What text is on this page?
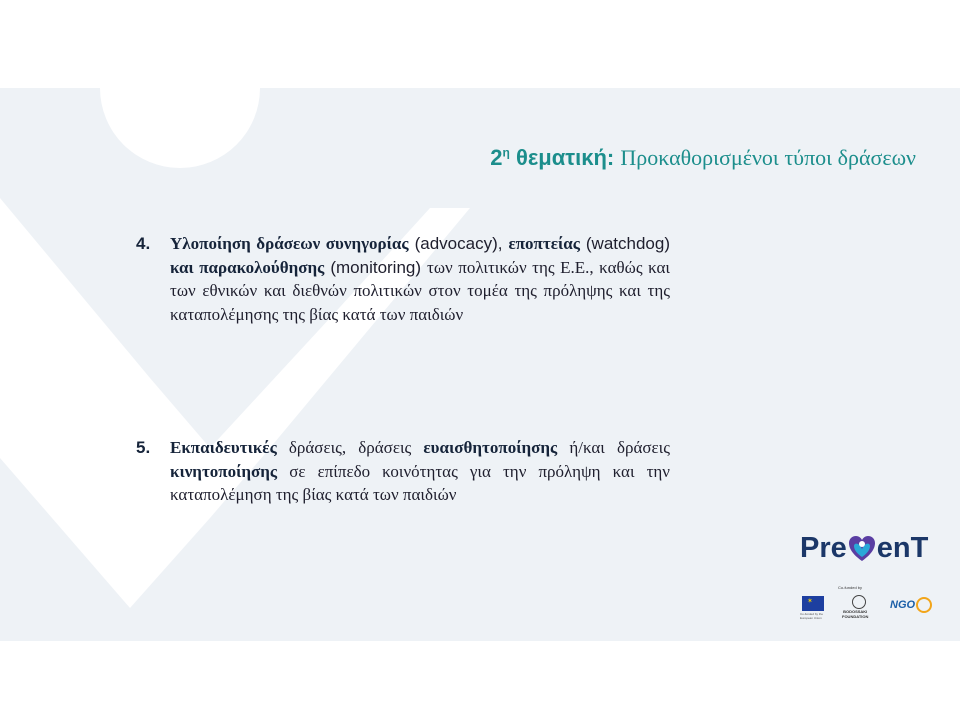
$2^\eta$ θεματική: Προκαθορισμένοι τύποι δράσεων
4. Υλοποίηση δράσεων συνηγορίας (advocacy), εποπτείας (watchdog) και παρακολούθησης (monitoring) των πολιτικών της Ε.Ε., καθώς και των εθνικών και διεθνών πολιτικών στον τομέα της πρόληψης και της καταπολέμησης της βίας κατά των παιδιών
5. Εκπαιδευτικές δράσεις, δράσεις ευαισθητοποίησης ή/και δράσεις κινητοποίησης σε επίπεδο κοινότητας για την πρόληψη και την καταπολέμηση της βίας κατά των παιδιών
Pre enT
Co-funded by
✶
Co-funded by the European Union
BODOSSAKI
FOUNDATION
NGO
